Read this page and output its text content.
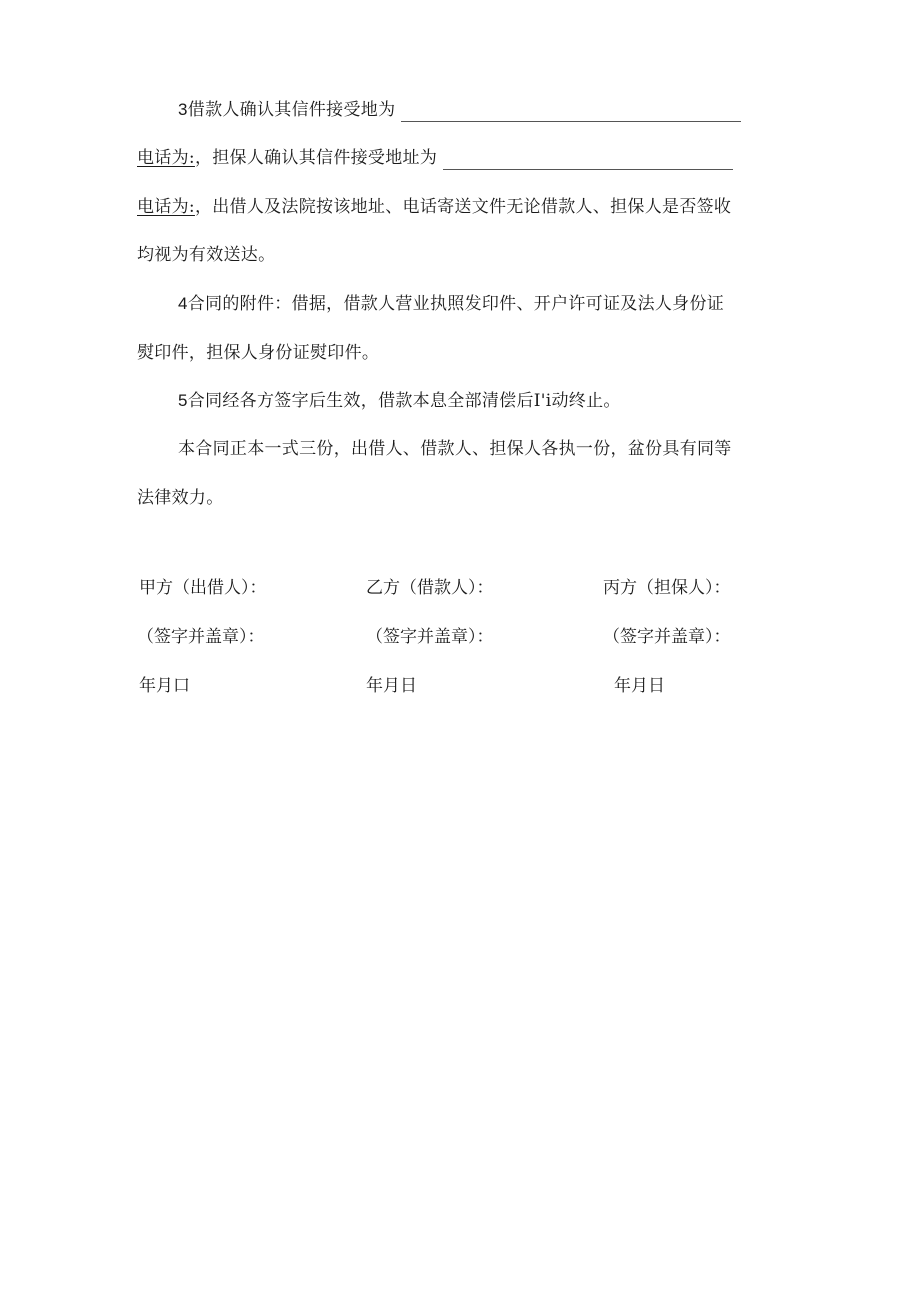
3借款人确认其信件接受地为
电话为:，担保人确认其信件接受地址为
电话为:，出借人及法院按该地址、电话寄送文件无论借款人、担保人是否签收
均视为有效送达。
4合同的附件：借据，借款人营业执照发印件、开户许可证及法人身份证
熨印件，担保人身份证熨印件。
5合同经各方签字后生效，借款本息全部清偿后I'i动终止。
本合同正本一式三份，出借人、借款人、担保人各执一份，盆份具有同等
法律效力。
甲方（出借人）：	乙方（借款人）：	丙方（担保人）：
（签字并盖章）：	（签字并盖章）：	（签字并盖章）：
年月口	年月日	年月日
